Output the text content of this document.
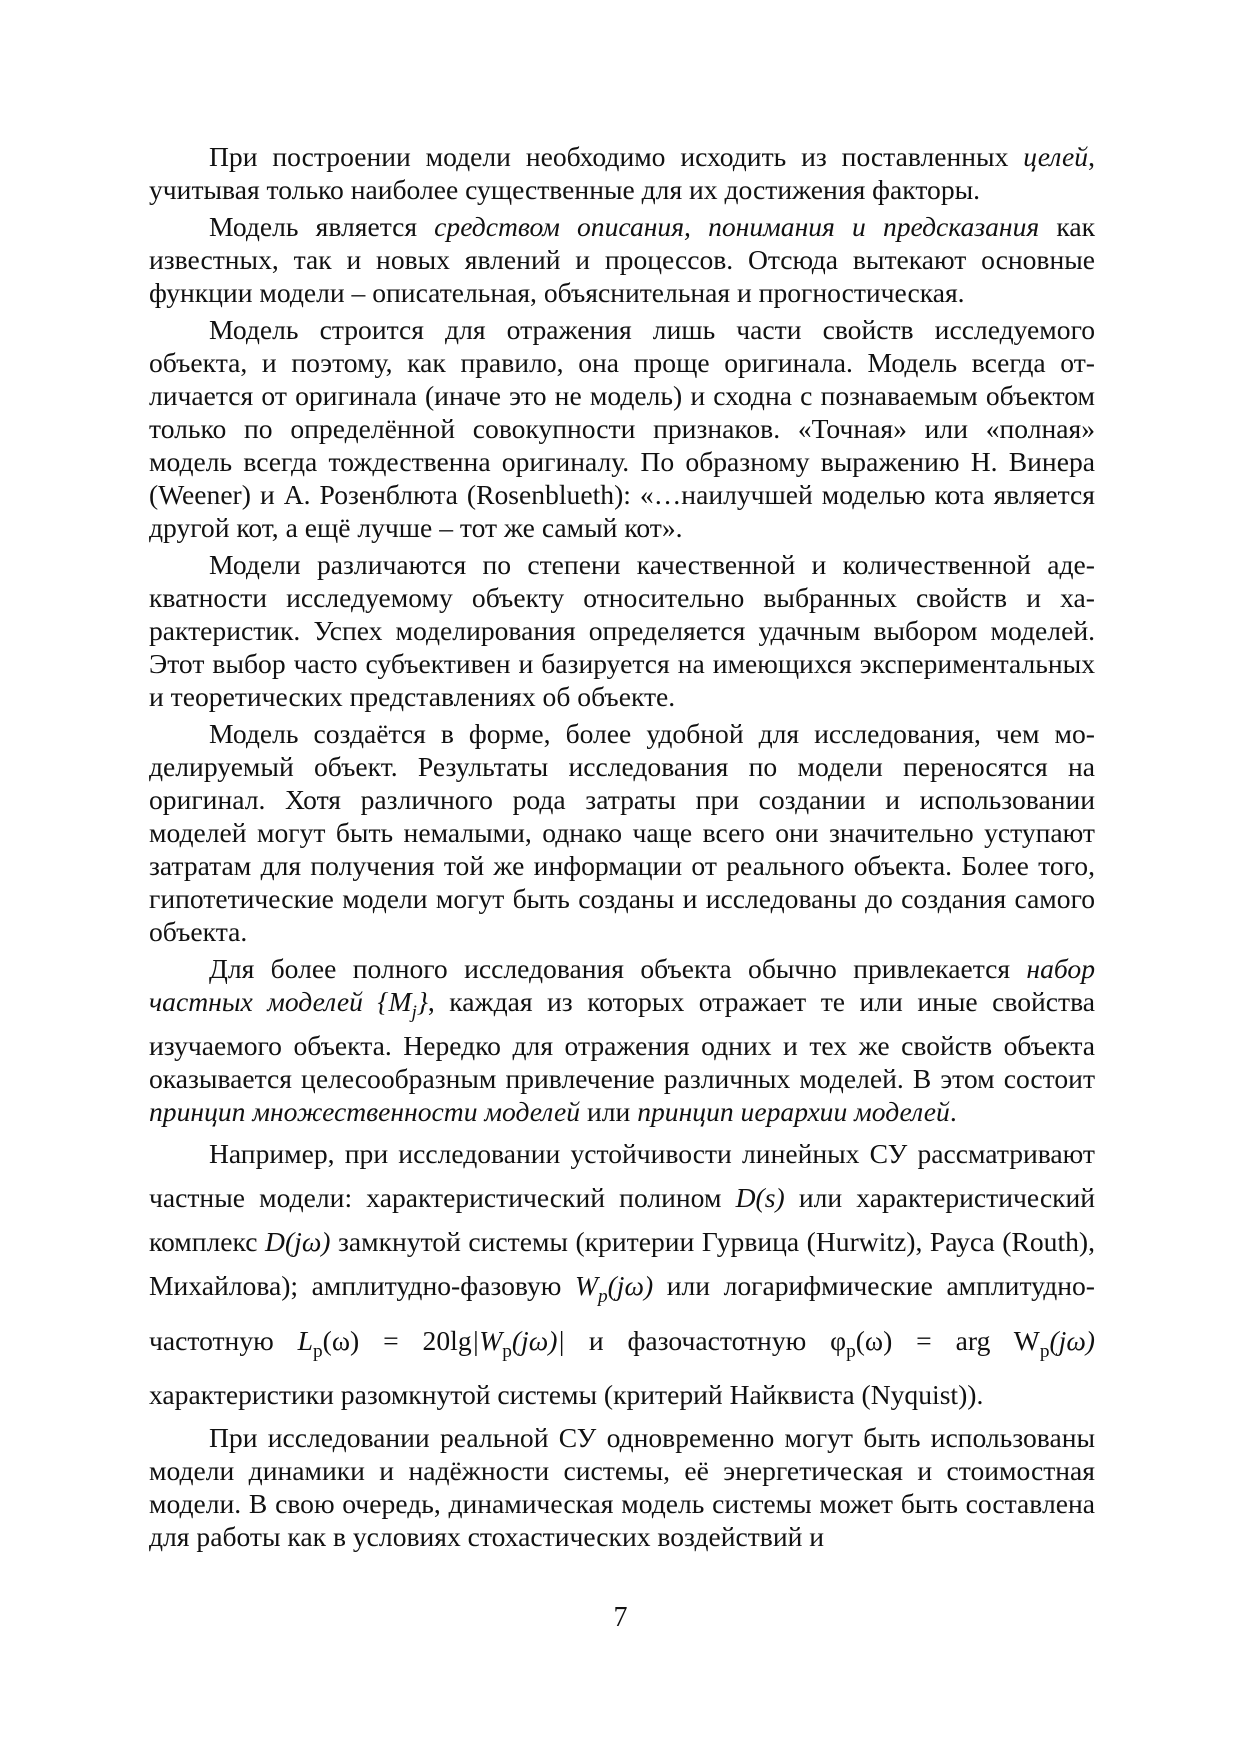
При построении модели необходимо исходить из поставленных целей, учитывая только наиболее существенные для их достижения факторы.

Модель является средством описания, понимания и предсказания как известных, так и новых явлений и процессов. Отсюда вытекают основные функции модели – описательная, объяснительная и прогностическая.

Модель строится для отражения лишь части свойств исследуемого объекта, и поэтому, как правило, она проще оригинала. Модель всегда отличается от оригинала (иначе это не модель) и сходна с познаваемым объектом только по определённой совокупности признаков. «Точная» или «полная» модель всегда тождественна оригиналу. По образному выражению Н. Винера (Weener) и А. Розенблюта (Rosenblueth): «…наилучшей моделью кота является другой кот, а ещё лучше – тот же самый кот».

Модели различаются по степени качественной и количественной адекватности исследуемому объекту относительно выбранных свойств и характеристик. Успех моделирования определяется удачным выбором моделей. Этот выбор часто субъективен и базируется на имеющихся экспериментальных и теоретических представлениях об объекте.

Модель создаётся в форме, более удобной для исследования, чем моделируемый объект. Результаты исследования по модели переносятся на оригинал. Хотя различного рода затраты при создании и использовании моделей могут быть немалыми, однако чаще всего они значительно уступают затратам для получения той же информации от реального объекта. Более того, гипотетические модели могут быть созданы и исследованы до создания самого объекта.

Для более полного исследования объекта обычно привлекается набор частных моделей $\{M_j\}$, каждая из которых отражает те или иные свойства изучаемого объекта. Нередко для отражения одних и тех же свойств объекта оказывается целесообразным привлечение различных моделей. В этом состоит принцип множественности моделей или принцип иерархии моделей.

Например, при исследовании устойчивости линейных СУ рассматривают частные модели: характеристический полином D(s) или характеристический комплекс D(jω) замкнутой системы (критерии Гурвица (Hurwitz), Рауса (Routh), Михайлова); амплитудно-фазовую $W_р(j\omega)$ или логарифмические амплитудно-частотную $L_р(\omega) = 20\lg|W_р(j\omega)|$ и фазочастотную $\varphi_р(\omega)$ = arg $W_р(j\omega)$ характеристики разомкнутой системы (критерий Найквиста (Nyquist)).

При исследовании реальной СУ одновременно могут быть использованы модели динамики и надёжности системы, её энергетическая и стоимостная модели. В свою очередь, динамическая модель системы может быть составлена для работы как в условиях стохастических воздействий и

7
